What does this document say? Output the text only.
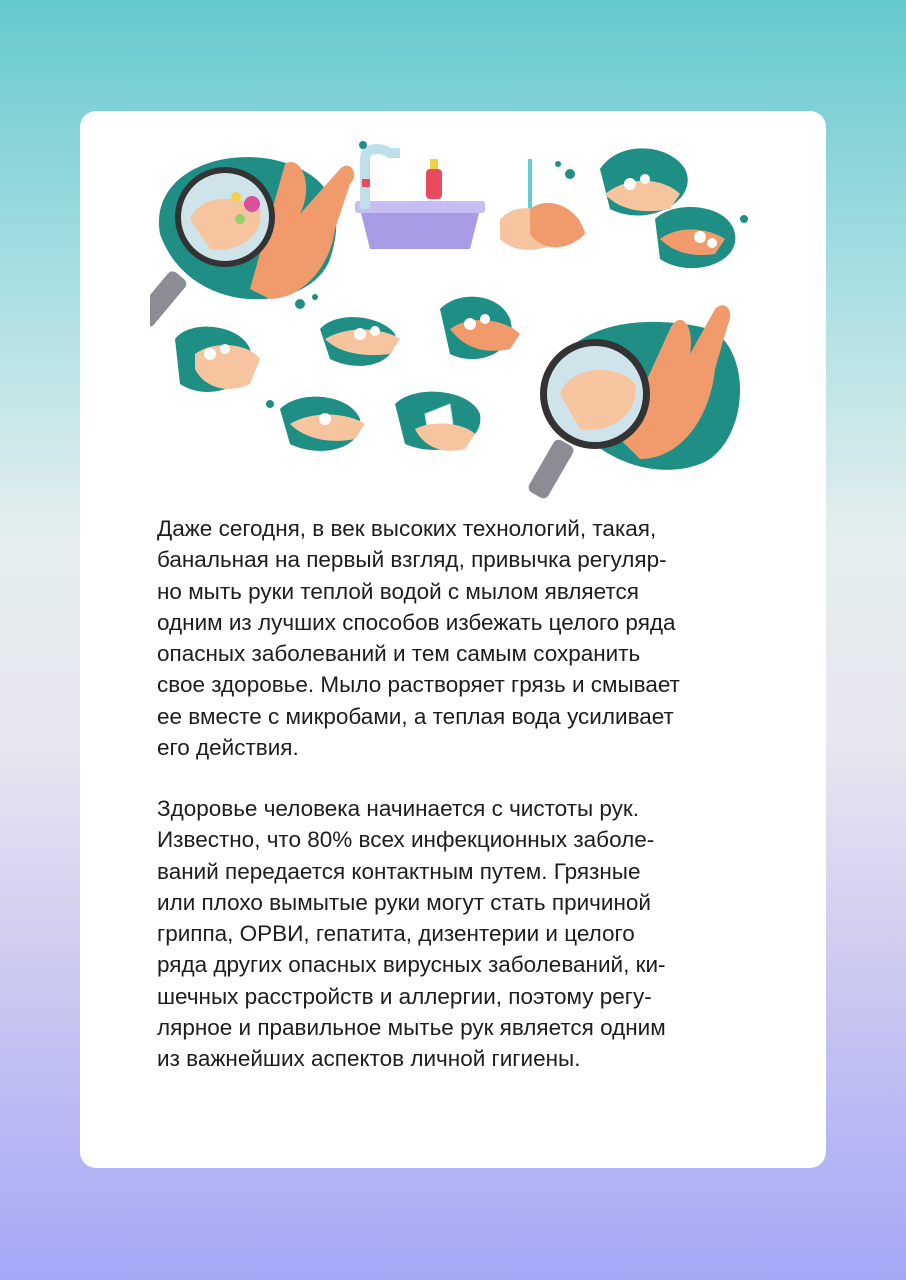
Даже сегодня, в век высоких технологий, такая,
банальная на первый взгляд, привычка регуляр-
но мыть руки теплой водой с мылом является
одним из лучших способов избежать целого ряда
опасных заболеваний и тем самым сохранить
свое здоровье. Мыло растворяет грязь и смывает
ее вместе с микробами, а теплая вода усиливает
его действия.

Здоровье человека начинается с чистоты рук.
Известно, что 80% всех инфекционных заболе-
ваний передается контактным путем. Грязные
или плохо вымытые руки могут стать причиной
гриппа, ОРВИ, гепатита, дизентерии и целого
ряда других опасных вирусных заболеваний, ки-
шечных расстройств и аллергии, поэтому регу-
лярное и правильное мытье рук является одним
из важнейших аспектов личной гигиены.
